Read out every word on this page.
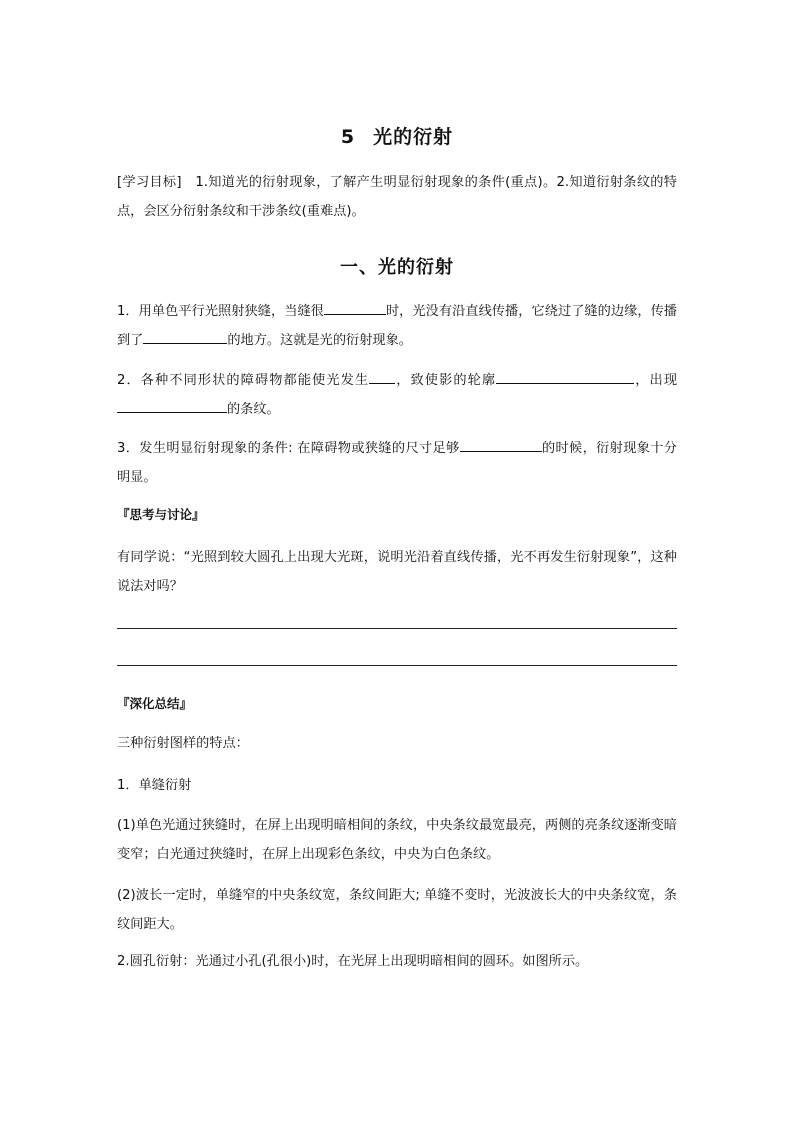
5 光的衍射
[学习目标]　1.知道光的衍射现象，了解产生明显衍射现象的条件(重点)。2.知道衍射条纹的特点，会区分衍射条纹和干涉条纹(重难点)。
一、光的衍射
1．用单色平行光照射狭缝，当缝很	时，光没有沿直线传播，它绕过了缝的边缘，传播到了	的地方。这就是光的衍射现象。
2．各种不同形状的障碍物都能使光发生 ，致使影的轮廓	，出现的条纹。
3．发生明显衍射现象的条件: 在障碍物或狭缝的尺寸足够	的时候，衍射现象十分明显。
『思考与讨论』
有同学说：“光照到较大圆孔上出现大光斑，说明光沿着直线传播，光不再发生衍射现象”，这种说法对吗？
『深化总结』
三种衍射图样的特点：
1．单缝衍射
(1)单色光通过狭缝时，在屏上出现明暗相间的条纹，中央条纹最宽最亮，两侧的亮条纹逐渐变暗变窄；白光通过狭缝时，在屏上出现彩色条纹，中央为白色条纹。
(2)波长一定时，单缝窄的中央条纹宽，条纹间距大; 单缝不变时，光波波长大的中央条纹宽，条纹间距大。
2.圆孔衍射：光通过小孔(孔很小)时，在光屏上出现明暗相间的圆环。如图所示。
